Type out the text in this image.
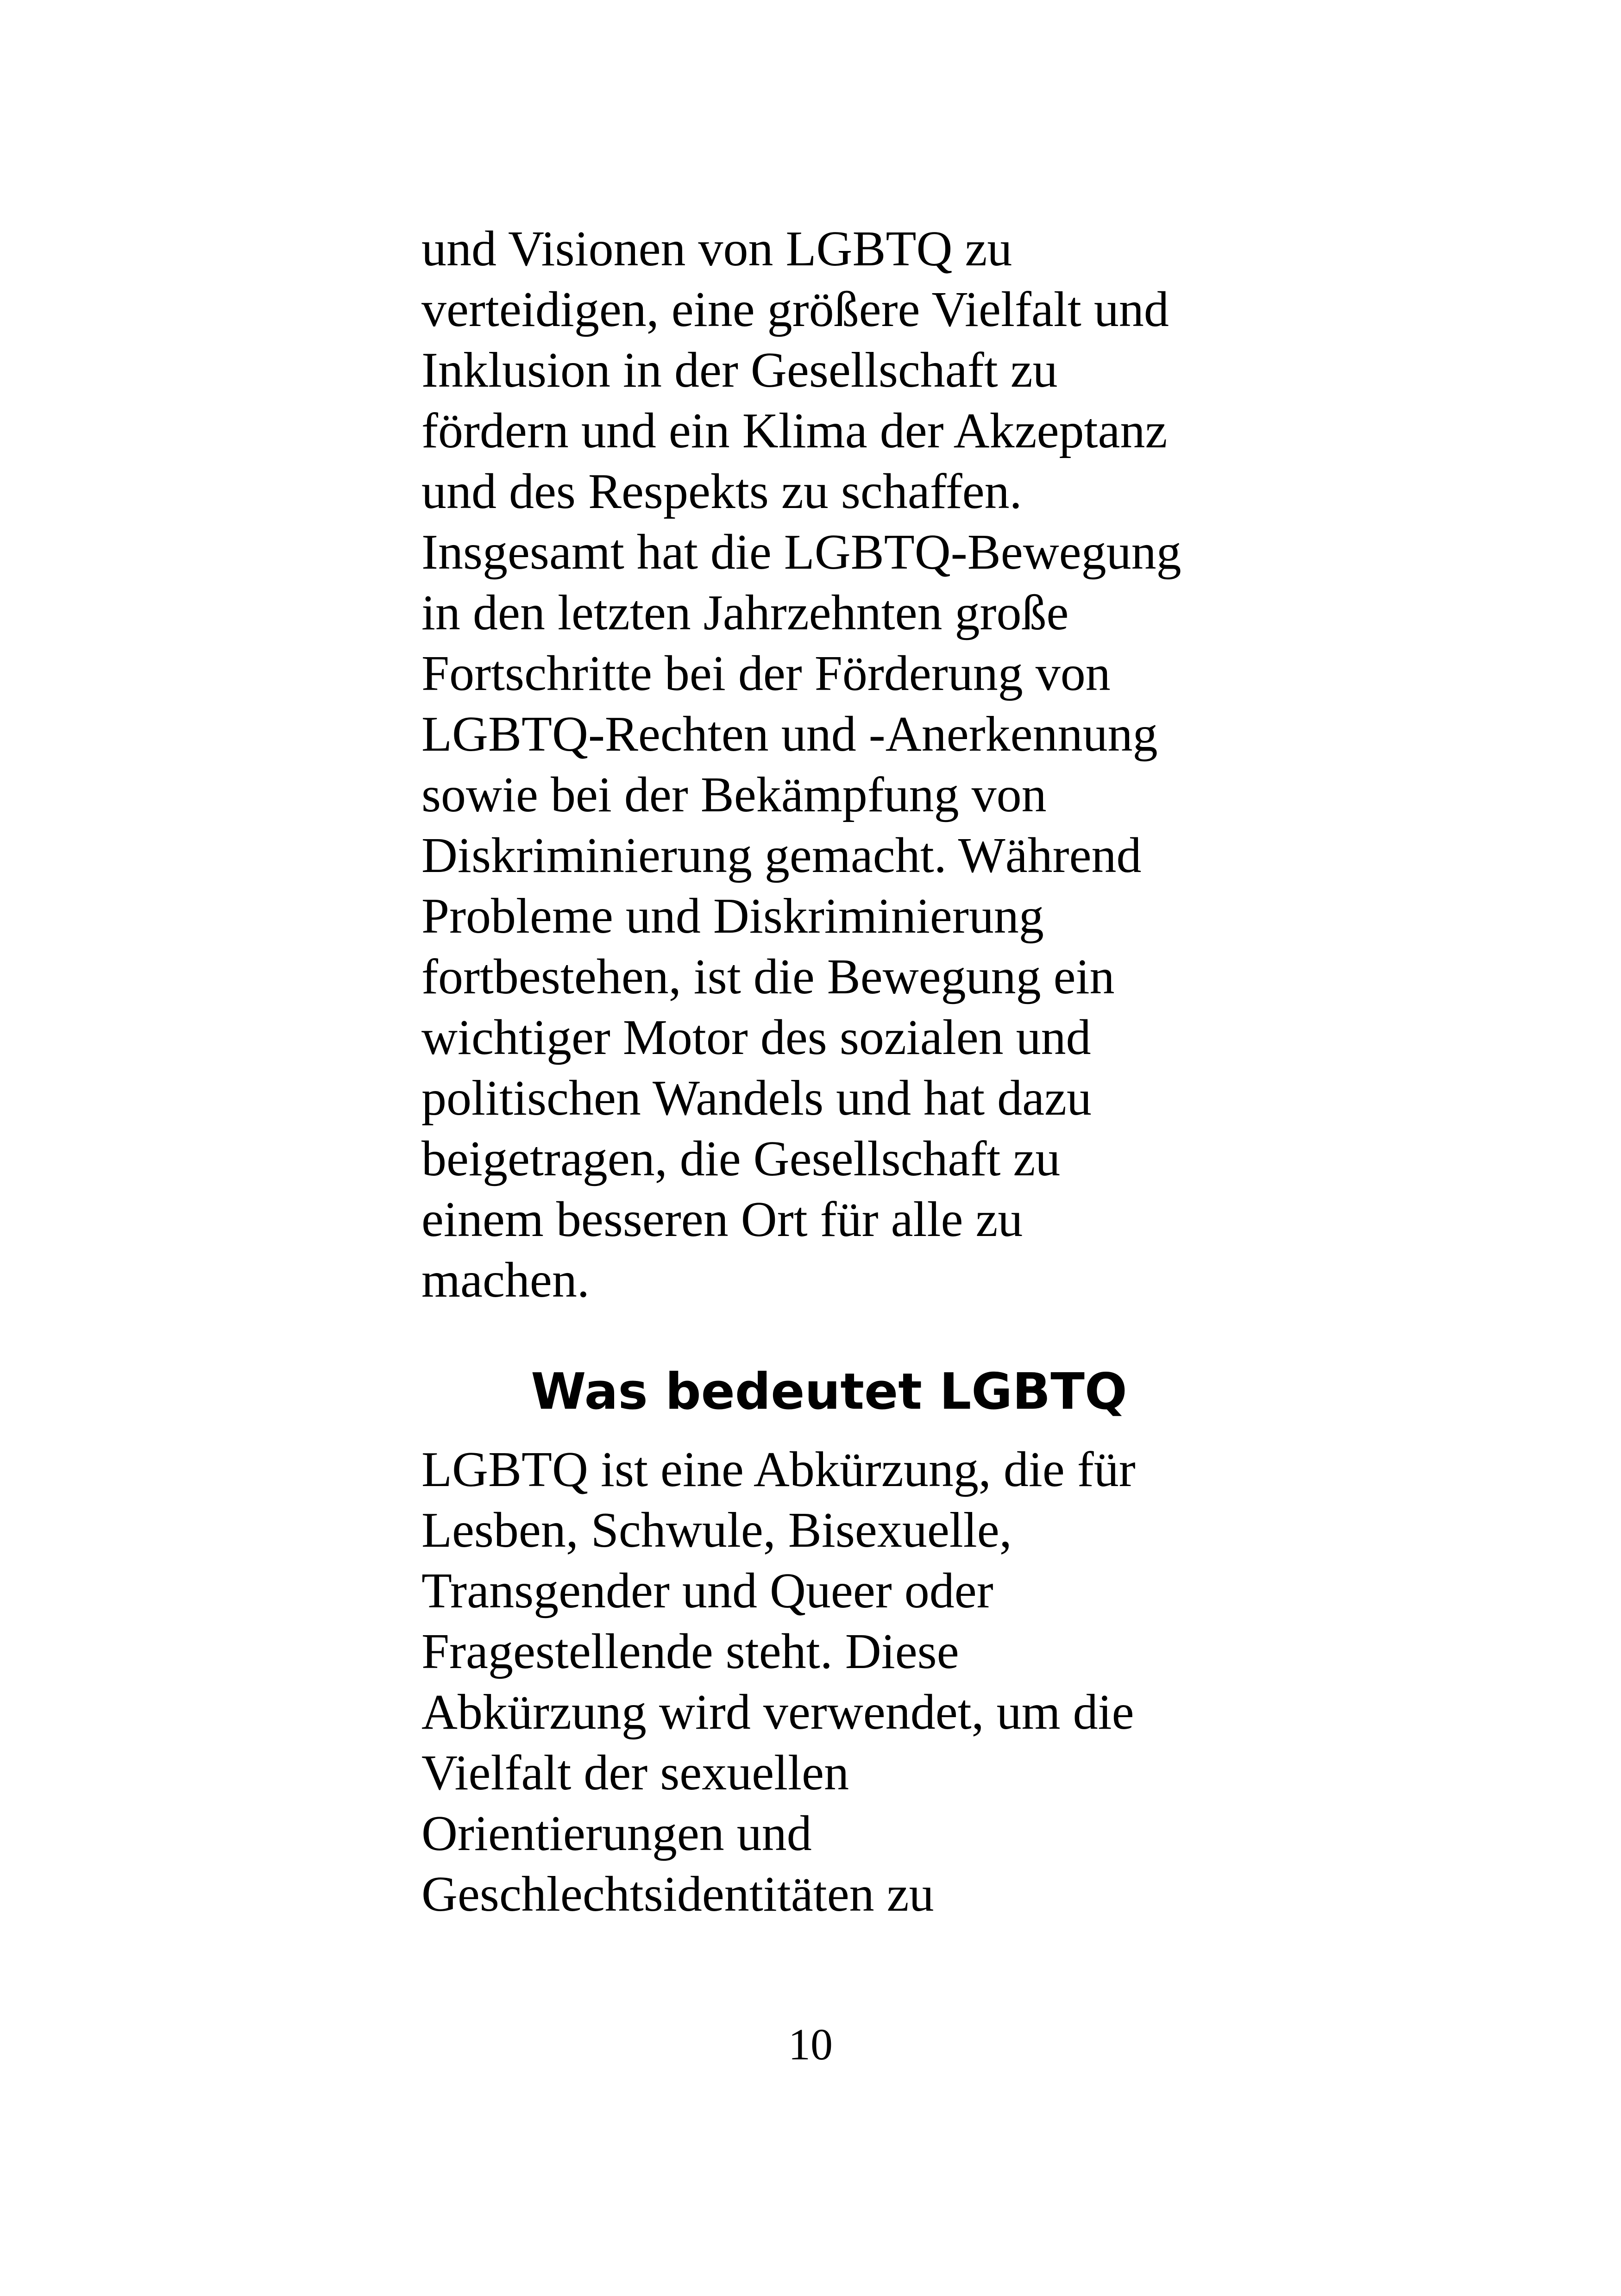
und Visionen von LGBTQ zu
verteidigen, eine größere Vielfalt und
Inklusion in der Gesellschaft zu
fördern und ein Klima der Akzeptanz
und des Respekts zu schaffen.
Insgesamt hat die LGBTQ-Bewegung
in den letzten Jahrzehnten große
Fortschritte bei der Förderung von
LGBTQ-Rechten und -Anerkennung
sowie bei der Bekämpfung von
Diskriminierung gemacht. Während
Probleme und Diskriminierung
fortbestehen, ist die Bewegung ein
wichtiger Motor des sozialen und
politischen Wandels und hat dazu
beigetragen, die Gesellschaft zu
einem besseren Ort für alle zu
machen.
Was bedeutet LGBTQ
LGBTQ ist eine Abkürzung, die für
Lesben, Schwule, Bisexuelle,
Transgender und Queer oder
Fragestellende steht. Diese
Abkürzung wird verwendet, um die
Vielfalt der sexuellen
Orientierungen und
Geschlechtsidentitäten zu
10
